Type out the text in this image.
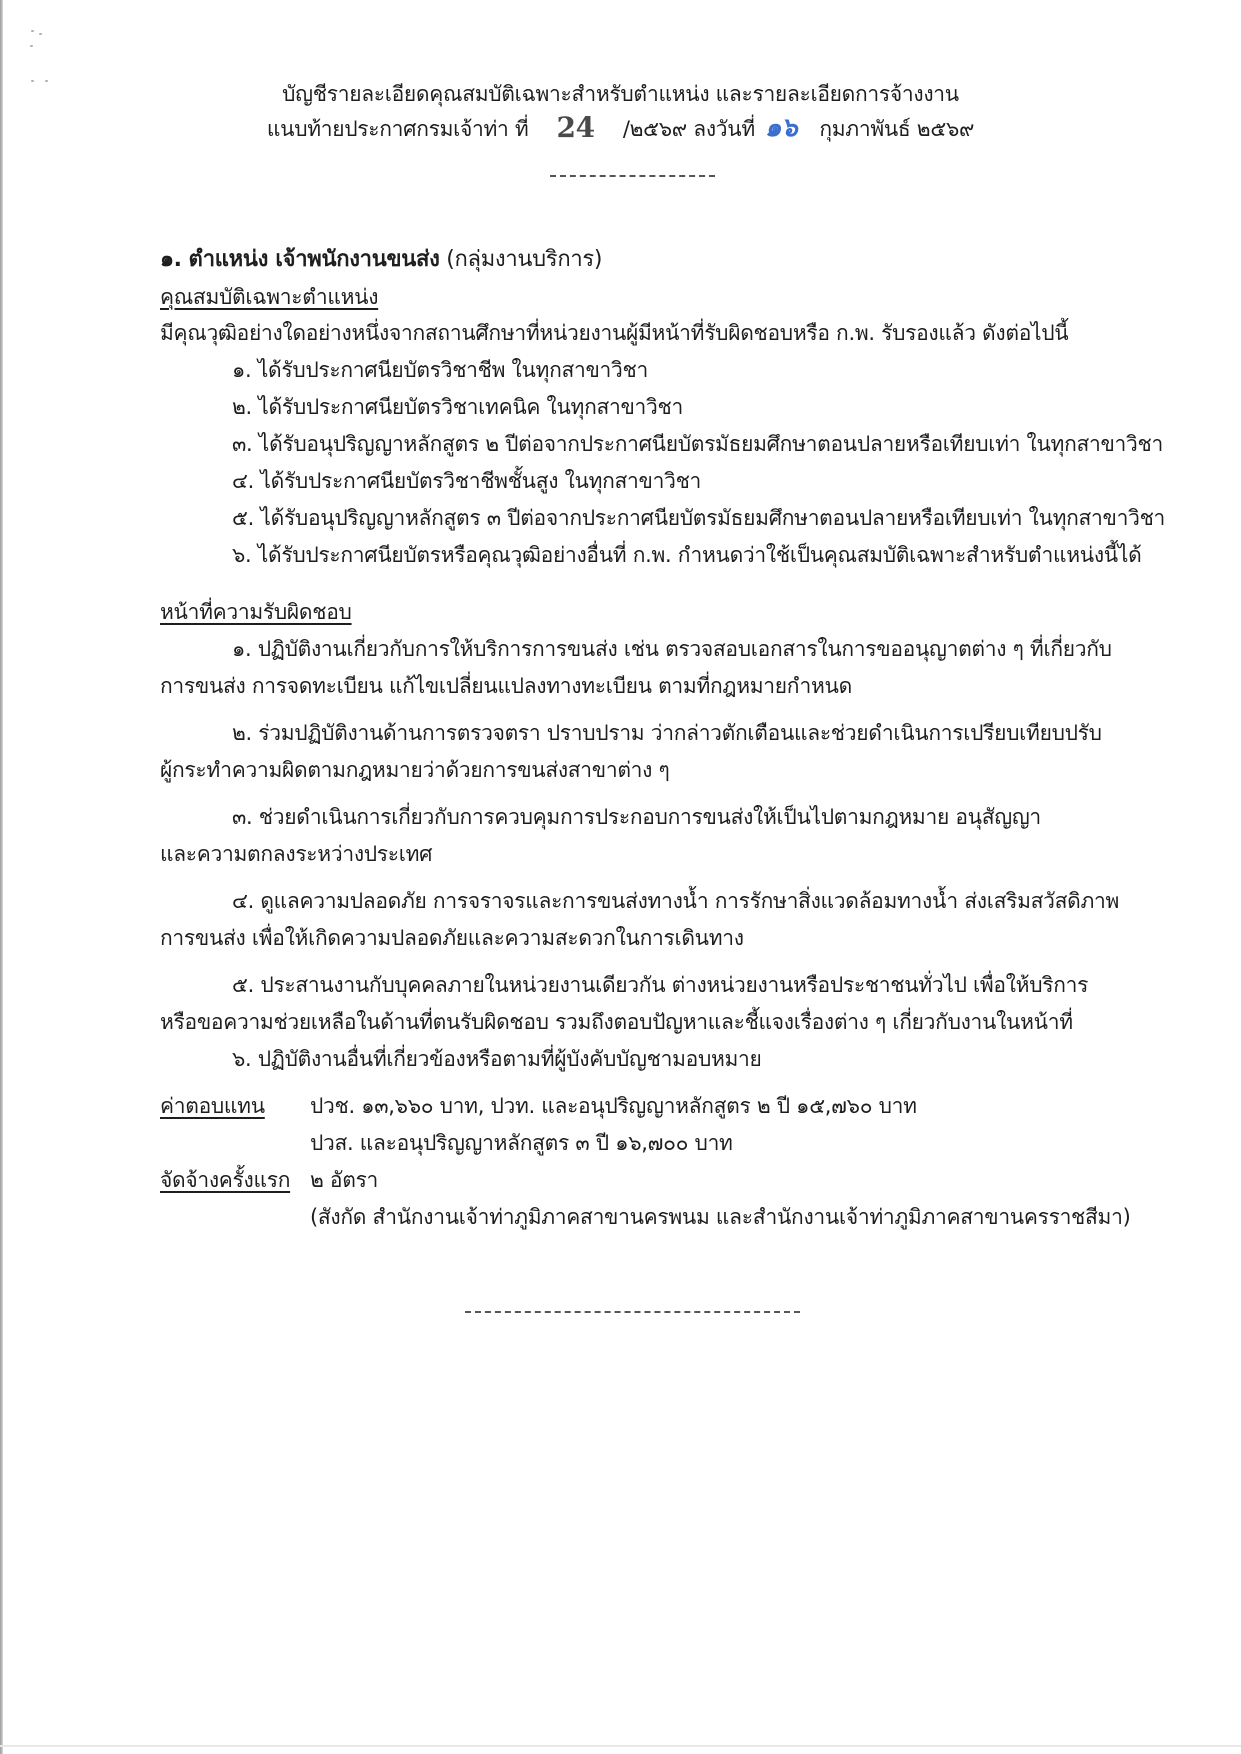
บัญชีรายละเอียดคุณสมบัติเฉพาะสำหรับตำแหน่ง และรายละเอียดการจ้างงาน
แนบท้ายประกาศกรมเจ้าท่า ที่ 24 /๒๕๖๙ ลงวันที่ ๑๖ กุมภาพันธ์ ๒๕๖๙
๑. ตำแหน่ง เจ้าพนักงานขนส่ง (กลุ่มงานบริการ)
คุณสมบัติเฉพาะตำแหน่ง
มีคุณวุฒิอย่างใดอย่างหนึ่งจากสถานศึกษาที่หน่วยงานผู้มีหน้าที่รับผิดชอบหรือ ก.พ. รับรองแล้ว ดังต่อไปนี้
๑. ได้รับประกาศนียบัตรวิชาชีพ ในทุกสาขาวิชา
๒. ได้รับประกาศนียบัตรวิชาเทคนิค ในทุกสาขาวิชา
๓. ได้รับอนุปริญญาหลักสูตร ๒ ปีต่อจากประกาศนียบัตรมัธยมศึกษาตอนปลายหรือเทียบเท่า ในทุกสาขาวิชา
๔. ได้รับประกาศนียบัตรวิชาชีพชั้นสูง ในทุกสาขาวิชา
๕. ได้รับอนุปริญญาหลักสูตร ๓ ปีต่อจากประกาศนียบัตรมัธยมศึกษาตอนปลายหรือเทียบเท่า ในทุกสาขาวิชา
๖. ได้รับประกาศนียบัตรหรือคุณวุฒิอย่างอื่นที่ ก.พ. กำหนดว่าใช้เป็นคุณสมบัติเฉพาะสำหรับตำแหน่งนี้ได้
หน้าที่ความรับผิดชอบ
๑. ปฏิบัติงานเกี่ยวกับการให้บริการการขนส่ง เช่น ตรวจสอบเอกสารในการขออนุญาตต่าง ๆ ที่เกี่ยวกับ
การขนส่ง การจดทะเบียน แก้ไขเปลี่ยนแปลงทางทะเบียน ตามที่กฎหมายกำหนด
๒. ร่วมปฏิบัติงานด้านการตรวจตรา ปราบปราม ว่ากล่าวตักเตือนและช่วยดำเนินการเปรียบเทียบปรับ
ผู้กระทำความผิดตามกฎหมายว่าด้วยการขนส่งสาขาต่าง ๆ
๓. ช่วยดำเนินการเกี่ยวกับการควบคุมการประกอบการขนส่งให้เป็นไปตามกฎหมาย อนุสัญญา
และความตกลงระหว่างประเทศ
๔. ดูแลความปลอดภัย การจราจรและการขนส่งทางน้ำ การรักษาสิ่งแวดล้อมทางน้ำ ส่งเสริมสวัสดิภาพ
การขนส่ง เพื่อให้เกิดความปลอดภัยและความสะดวกในการเดินทาง
๕. ประสานงานกับบุคคลภายในหน่วยงานเดียวกัน ต่างหน่วยงานหรือประชาชนทั่วไป เพื่อให้บริการ
หรือขอความช่วยเหลือในด้านที่ตนรับผิดชอบ รวมถึงตอบปัญหาและชี้แจงเรื่องต่าง ๆ เกี่ยวกับงานในหน้าที่
๖. ปฏิบัติงานอื่นที่เกี่ยวข้องหรือตามที่ผู้บังคับบัญชามอบหมาย
ค่าตอบแทน ปวช. ๑๓,๖๖๐ บาท, ปวท. และอนุปริญญาหลักสูตร ๒ ปี ๑๕,๗๖๐ บาท
ปวส. และอนุปริญญาหลักสูตร ๓ ปี ๑๖,๗๐๐ บาท
จัดจ้างครั้งแรก ๒ อัตรา
(สังกัด สำนักงานเจ้าท่าภูมิภาคสาขานครพนม และสำนักงานเจ้าท่าภูมิภาคสาขานครราชสีมา)
